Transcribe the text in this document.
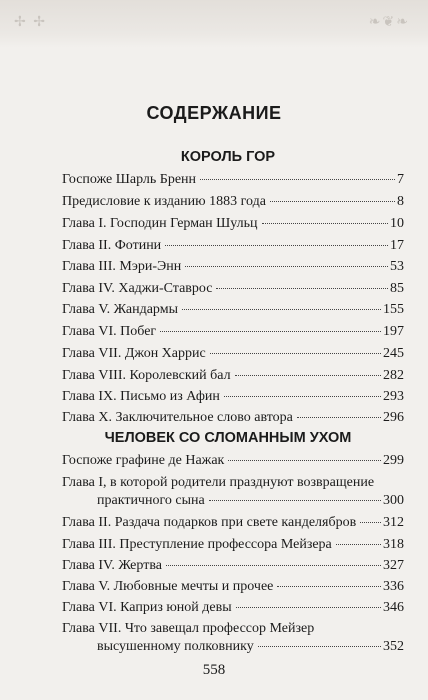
✢ ✢	❧❦❧
СОДЕРЖАНИЕ
КОРОЛЬ ГОР
Госпоже Шарль Бренн	7
Предисловие к изданию 1883 года	8
Глава I. Господин Герман Шульц	10
Глава II. Фотини	17
Глава III. Мэри-Энн	53
Глава IV. Хаджи-Ставрос	85
Глава V. Жандармы	155
Глава VI. Побег	197
Глава VII. Джон Харрис	245
Глава VIII. Королевский бал	282
Глава IX. Письмо из Афин	293
Глава X. Заключительное слово автора	296
ЧЕЛОВЕК СО СЛОМАННЫМ УХОМ
Госпоже графине де Нажак	299
Глава I, в которой родители празднуют возвращение
практичного сына	300
Глава II. Раздача подарков при свете канделябров 312
Глава III. Преступление профессора Мейзера	318
Глава IV. Жертва	327
Глава V. Любовные мечты и прочее	336
Глава VI. Каприз юной девы	346
Глава VII. Что завещал профессор Мейзер
высушенному полковнику	352
558
